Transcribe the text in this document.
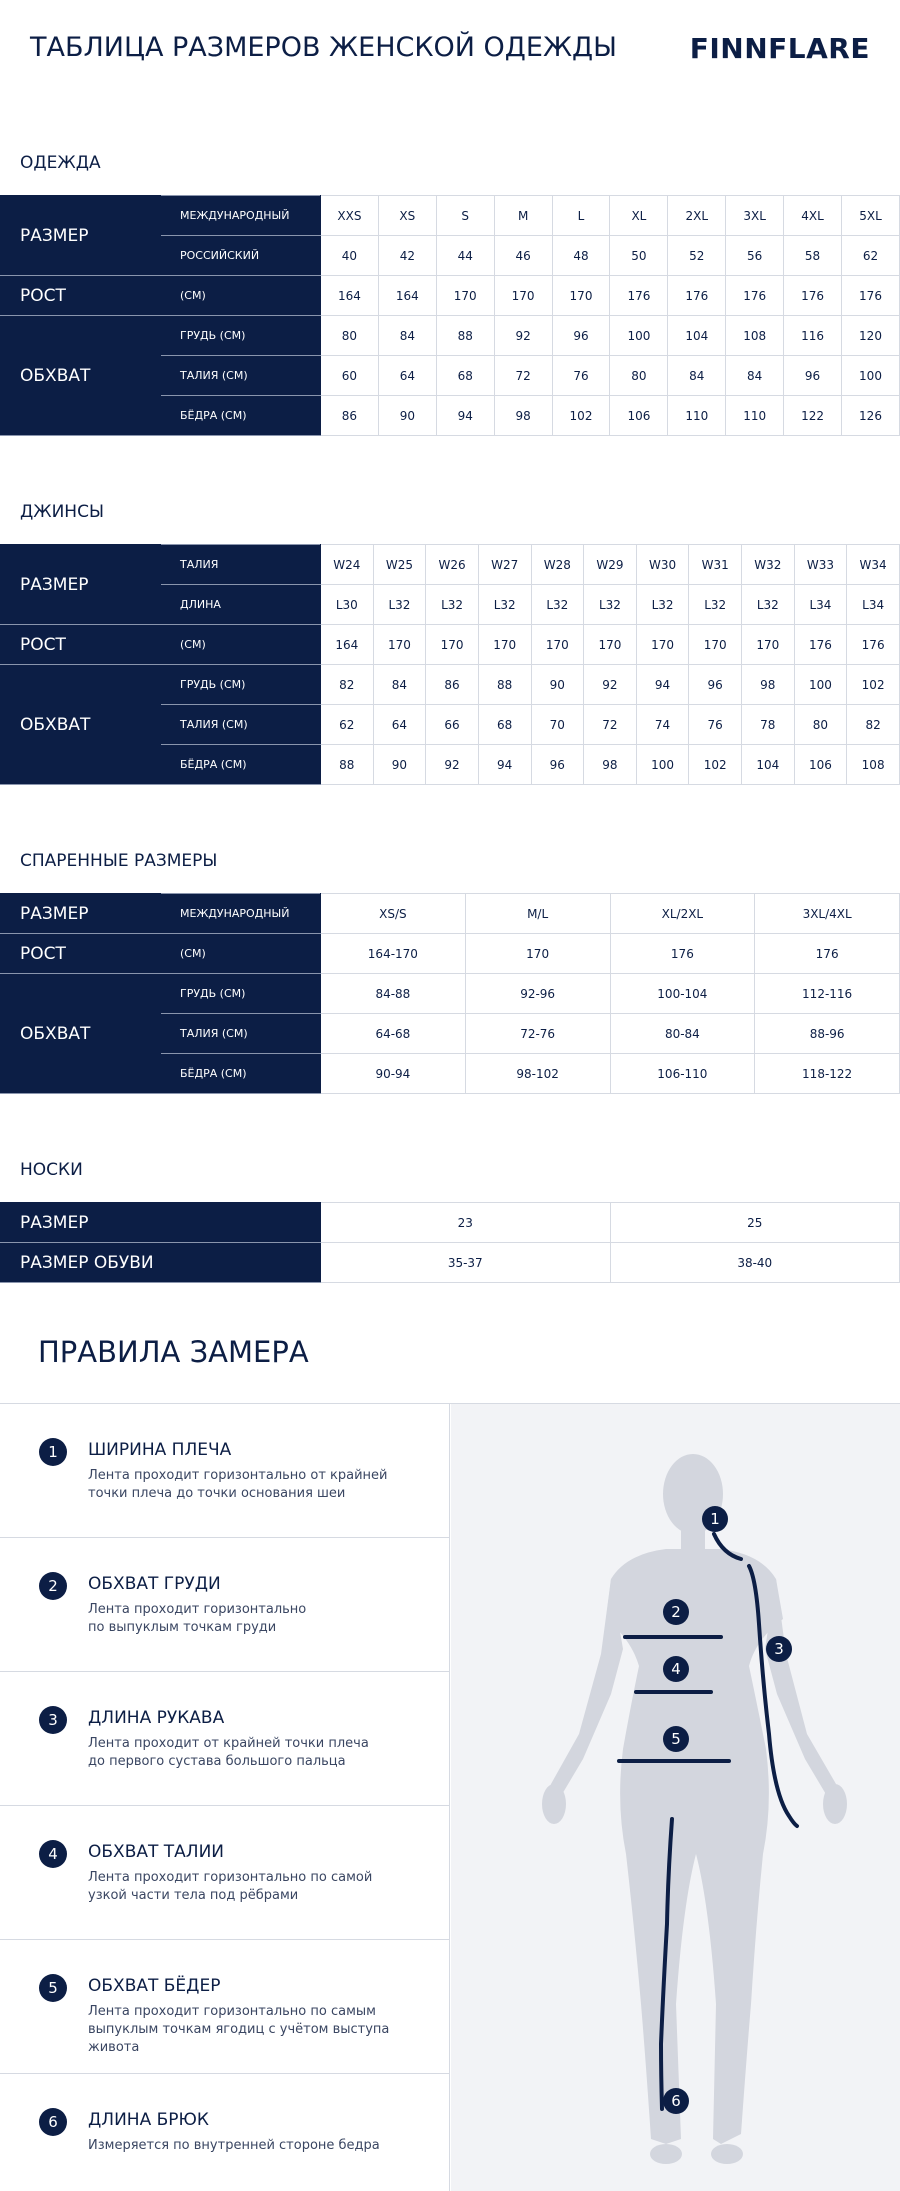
ТАБЛИЦА РАЗМЕРОВ ЖЕНСКОЙ ОДЕЖДЫ	FINNFLARE
ОДЕЖДА
РАЗМЕР	МЕЖДУНАРОДНЫЙ	XXS	XS	S	M	L	XL	2XL	3XL	4XL	5XL
	РОССИЙСКИЙ	40	42	44	46	48	50	52	56	58	62
РОСТ	(СМ)	164	164	170	170	170	176	176	176	176	176
ОБХВАТ	ГРУДЬ (СМ)	80	84	88	92	96	100	104	108	116	120
	ТАЛИЯ (СМ)	60	64	68	72	76	80	84	84	96	100
	БЁДРА (СМ)	86	90	94	98	102	106	110	110	122	126
ДЖИНСЫ
РАЗМЕР	ТАЛИЯ	W24	W25	W26	W27	W28	W29	W30	W31	W32	W33	W34
	ДЛИНА	L30	L32	L32	L32	L32	L32	L32	L32	L32	L34	L34
РОСТ	(СМ)	164	170	170	170	170	170	170	170	170	176	176
ОБХВАТ	ГРУДЬ (СМ)	82	84	86	88	90	92	94	96	98	100	102
	ТАЛИЯ (СМ)	62	64	66	68	70	72	74	76	78	80	82
	БЁДРА (СМ)	88	90	92	94	96	98	100	102	104	106	108
СПАРЕННЫЕ РАЗМЕРЫ
РАЗМЕР	МЕЖДУНАРОДНЫЙ	XS/S	M/L	XL/2XL	3XL/4XL
РОСТ	(СМ)	164-170	170	176	176
ОБХВАТ	ГРУДЬ (СМ)	84-88	92-96	100-104	112-116
	ТАЛИЯ (СМ)	64-68	72-76	80-84	88-96
	БЁДРА (СМ)	90-94	98-102	106-110	118-122
НОСКИ
РАЗМЕР	23	25
РАЗМЕР ОБУВИ	35-37	38-40
ПРАВИЛА ЗАМЕРА
1	ШИРИНА ПЛЕЧА
Лента проходит горизонтально от крайней
точки плеча до точки основания шеи
2	ОБХВАТ ГРУДИ
Лента проходит горизонтально
по выпуклым точкам груди
3	ДЛИНА РУКАВА
Лента проходит от крайней точки плеча
до первого сустава большого пальца
4	ОБХВАТ ТАЛИИ
Лента проходит горизонтально по самой
узкой части тела под рёбрами
5	ОБХВАТ БЁДЕР
Лента проходит горизонтально по самым
выпуклым точкам ягодиц с учётом выступа живота
6	ДЛИНА БРЮК
Измеряется по внутренней стороне бедра
1
2
3
4
5
6
